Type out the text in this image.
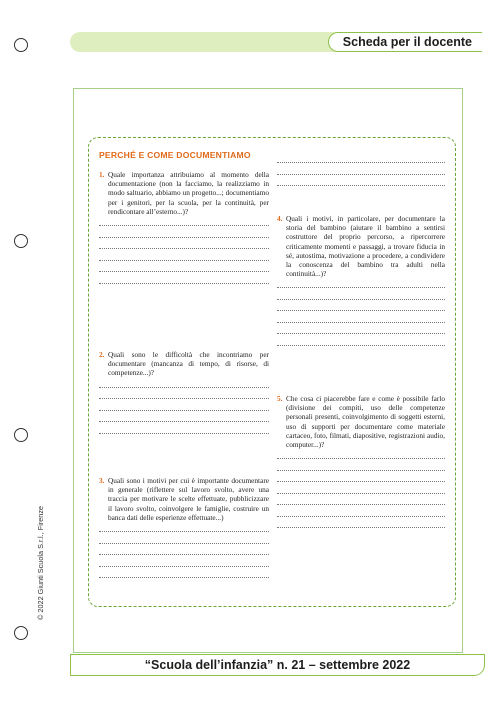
Scheda per il docente
PERCHÉ E COME DOCUMENTIAMO
1. Quale importanza attribuiamo al momento della documentazione (non la facciamo, la realizziamo in modo saltuario, abbiamo un progetto...; documentiamo per i genitori, per la scuola, per la continuità, per rendicontare all’esterno...)?
2. Quali sono le difficoltà che incontriamo per documentare (mancanza di tempo, di risorse, di competenze...)?
3. Quali sono i motivi per cui è importante documentare in generale (riflettere sul lavoro svolto, avere una traccia per motivare le scelte effettuate, pubblicizzare il lavoro svolto, coinvolgere le famiglie, costruire un banca dati delle esperienze effettuate...)
4. Quali i motivi, in particolare, per documentare la storia del bambino (aiutare il bambino a sentirsi costruttore del proprio percorso, a ripercorrere criticamente momenti e passaggi, a trovare fiducia in sé, autostima, motivazione a procedere, a condividere la conoscenza del bambino tra adulti nella continuità...)?
5. Che cosa ci piacerebbe fare e come è possibile farlo (divisione dei compiti, uso delle competenze personali presenti, coinvolgimento di soggetti esterni, uso di supporti per documentare come materiale cartaceo, foto, filmati, diapositive, registrazioni audio, computer...)?
© 2022 Giunti Scuola S.r.l., Firenze
“Scuola dell’infanzia” n. 21 – settembre 2022
